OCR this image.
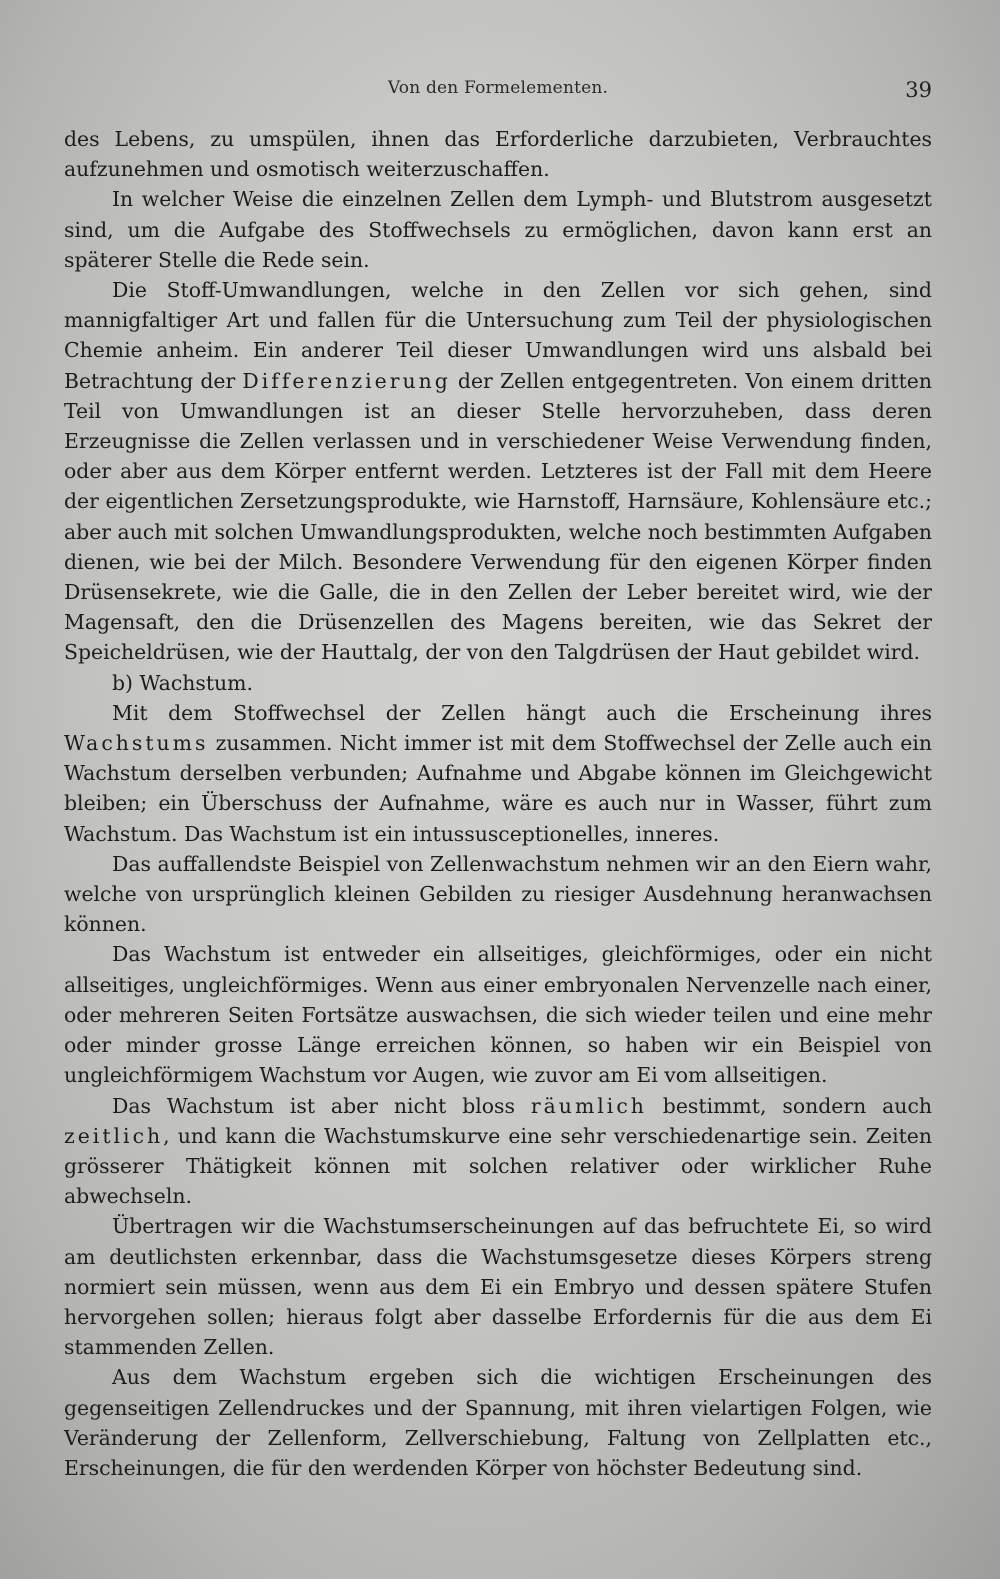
Von den Formelementen.	39

des Lebens, zu umspülen, ihnen das Erforderliche darzubieten, Verbrauchtes aufzunehmen und osmotisch weiterzuschaffen.

In welcher Weise die einzelnen Zellen dem Lymph- und Blutstrom ausgesetzt sind, um die Aufgabe des Stoffwechsels zu ermöglichen, davon kann erst an späterer Stelle die Rede sein.

Die Stoff-Umwandlungen, welche in den Zellen vor sich gehen, sind mannigfaltiger Art und fallen für die Untersuchung zum Teil der physiologischen Chemie anheim. Ein anderer Teil dieser Umwandlungen wird uns alsbald bei Betrachtung der Differenzierung der Zellen entgegentreten. Von einem dritten Teil von Umwandlungen ist an dieser Stelle hervorzuheben, dass deren Erzeugnisse die Zellen verlassen und in verschiedener Weise Verwendung finden, oder aber aus dem Körper entfernt werden. Letzteres ist der Fall mit dem Heere der eigentlichen Zersetzungsprodukte, wie Harnstoff, Harnsäure, Kohlensäure etc.; aber auch mit solchen Umwandlungsprodukten, welche noch bestimmten Aufgaben dienen, wie bei der Milch. Besondere Verwendung für den eigenen Körper finden Drüsensekrete, wie die Galle, die in den Zellen der Leber bereitet wird, wie der Magensaft, den die Drüsenzellen des Magens bereiten, wie das Sekret der Speicheldrüsen, wie der Hauttalg, der von den Talgdrüsen der Haut gebildet wird.

b) Wachstum.

Mit dem Stoffwechsel der Zellen hängt auch die Erscheinung ihres Wachstums zusammen. Nicht immer ist mit dem Stoffwechsel der Zelle auch ein Wachstum derselben verbunden; Aufnahme und Abgabe können im Gleichgewicht bleiben; ein Überschuss der Aufnahme, wäre es auch nur in Wasser, führt zum Wachstum. Das Wachstum ist ein intussusceptionelles, inneres.

Das auffallendste Beispiel von Zellenwachstum nehmen wir an den Eiern wahr, welche von ursprünglich kleinen Gebilden zu riesiger Ausdehnung heranwachsen können.

Das Wachstum ist entweder ein allseitiges, gleichförmiges, oder ein nicht allseitiges, ungleichförmiges. Wenn aus einer embryonalen Nervenzelle nach einer, oder mehreren Seiten Fortsätze auswachsen, die sich wieder teilen und eine mehr oder minder grosse Länge erreichen können, so haben wir ein Beispiel von ungleichförmigem Wachstum vor Augen, wie zuvor am Ei vom allseitigen.

Das Wachstum ist aber nicht bloss räumlich bestimmt, sondern auch zeitlich, und kann die Wachstumskurve eine sehr verschiedenartige sein. Zeiten grösserer Thätigkeit können mit solchen relativer oder wirklicher Ruhe abwechseln.

Übertragen wir die Wachstumserscheinungen auf das befruchtete Ei, so wird am deutlichsten erkennbar, dass die Wachstumsgesetze dieses Körpers streng normiert sein müssen, wenn aus dem Ei ein Embryo und dessen spätere Stufen hervorgehen sollen; hieraus folgt aber dasselbe Erfordernis für die aus dem Ei stammenden Zellen.

Aus dem Wachstum ergeben sich die wichtigen Erscheinungen des gegenseitigen Zellendruckes und der Spannung, mit ihren vielartigen Folgen, wie Veränderung der Zellenform, Zellverschiebung, Faltung von Zellplatten etc., Erscheinungen, die für den werdenden Körper von höchster Bedeutung sind.
